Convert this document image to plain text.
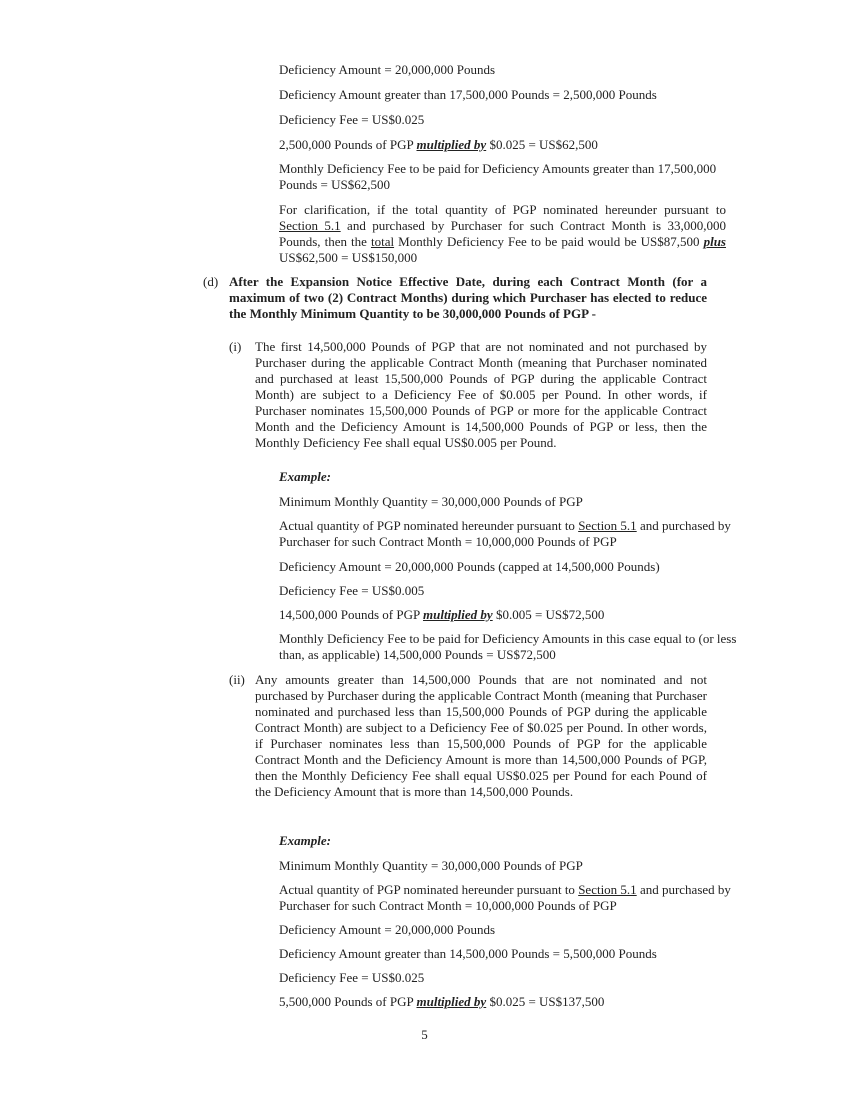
Deficiency Amount = 20,000,000 Pounds

Deficiency Amount greater than 17,500,000 Pounds = 2,500,000 Pounds

Deficiency Fee = US$0.025

2,500,000 Pounds of PGP multiplied by $0.025 = US$62,500

Monthly Deficiency Fee to be paid for Deficiency Amounts greater than 17,500,000 Pounds = US$62,500

For clarification, if the total quantity of PGP nominated hereunder pursuant to Section 5.1 and purchased by Purchaser for such Contract Month is 33,000,000 Pounds, then the total Monthly Deficiency Fee to be paid would be US$87,500 plus US$62,500 = US$150,000

(d) After the Expansion Notice Effective Date, during each Contract Month (for a maximum of two (2) Contract Months) during which Purchaser has elected to reduce the Monthly Minimum Quantity to be 30,000,000 Pounds of PGP -

(i) The first 14,500,000 Pounds of PGP that are not nominated and not purchased by Purchaser during the applicable Contract Month (meaning that Purchaser nominated and purchased at least 15,500,000 Pounds of PGP during the applicable Contract Month) are subject to a Deficiency Fee of $0.005 per Pound. In other words, if Purchaser nominates 15,500,000 Pounds of PGP or more for the applicable Contract Month and the Deficiency Amount is 14,500,000 Pounds of PGP or less, then the Monthly Deficiency Fee shall equal US$0.005 per Pound.

Example:

Minimum Monthly Quantity = 30,000,000 Pounds of PGP

Actual quantity of PGP nominated hereunder pursuant to Section 5.1 and purchased by Purchaser for such Contract Month = 10,000,000 Pounds of PGP

Deficiency Amount = 20,000,000 Pounds (capped at 14,500,000 Pounds)

Deficiency Fee = US$0.005

14,500,000 Pounds of PGP multiplied by $0.005 = US$72,500

Monthly Deficiency Fee to be paid for Deficiency Amounts in this case equal to (or less than, as applicable) 14,500,000 Pounds = US$72,500

(ii) Any amounts greater than 14,500,000 Pounds that are not nominated and not purchased by Purchaser during the applicable Contract Month (meaning that Purchaser nominated and purchased less than 15,500,000 Pounds of PGP during the applicable Contract Month) are subject to a Deficiency Fee of $0.025 per Pound. In other words, if Purchaser nominates less than 15,500,000 Pounds of PGP for the applicable Contract Month and the Deficiency Amount is more than 14,500,000 Pounds of PGP, then the Monthly Deficiency Fee shall equal US$0.025 per Pound for each Pound of the Deficiency Amount that is more than 14,500,000 Pounds.

Example:

Minimum Monthly Quantity = 30,000,000 Pounds of PGP

Actual quantity of PGP nominated hereunder pursuant to Section 5.1 and purchased by Purchaser for such Contract Month = 10,000,000 Pounds of PGP

Deficiency Amount = 20,000,000 Pounds

Deficiency Amount greater than 14,500,000 Pounds = 5,500,000 Pounds

Deficiency Fee = US$0.025

5,500,000 Pounds of PGP multiplied by $0.025 = US$137,500

5
